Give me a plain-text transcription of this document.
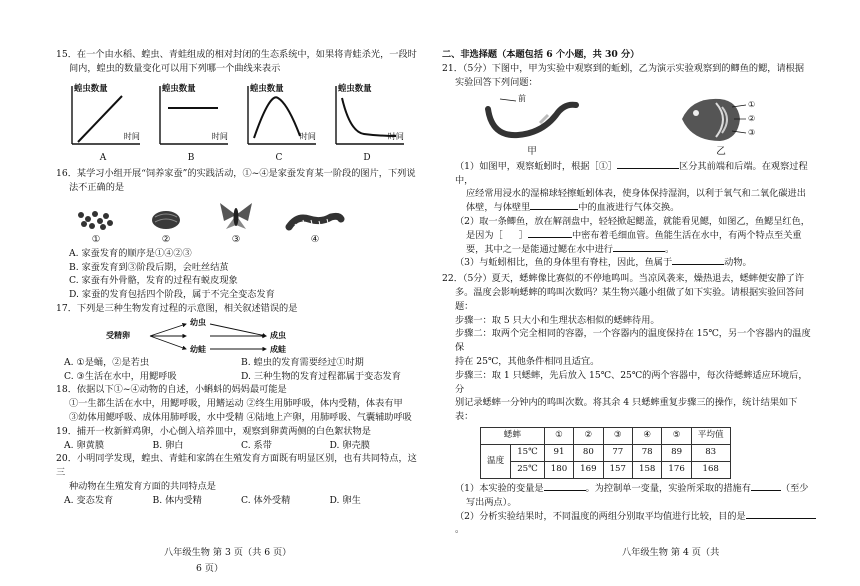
15．在一个由水稻、蝗虫、青蛙组成的相对封闭的生态系统中，如果将青蛙杀光，一段时

间内，蝗虫的数量变化可以用下列哪一个曲线来表示

蝗虫数量
时间
A
蝗虫数量
时间
B
蝗虫数量
时间
C
蝗虫数量
时间
D

16．某学习小组开展“饲养家蚕”的实践活动，①~④是家蚕发育某一阶段的图片，下列说

法不正确的是

①	②	③	④

A. 家蚕发育的顺序是①④②③

B. 家蚕发育到③阶段后期，会吐丝结茧

C. 家蚕有外骨骼，发育的过程有蜕皮现象

D. 家蚕的发育包括四个阶段，属于不完全变态发育

17．下列是三种生物发育过程的示意图，相关叙述错误的是

受精卵
幼虫
成虫
幼蛙	成蛙
A. ①是蛹，②是若虫	B. 蝗虫的发育需要经过①时期
C. ③生活在水中，用鳃呼吸	D. 三种生物的发育过程都属于变态发育

18．依据以下①~④动物的自述，小蝌蚪的妈妈最可能是

①一生都生活在水中，用鳃呼吸，用鳍运动 ②终生用肺呼吸，体内受精，体表有甲

③幼体用鳃呼吸、成体用肺呼吸，水中受精 ④陆地上产卵，用肺呼吸、气囊辅助呼吸

19．捕开一枚新鲜鸡卵，小心倒入培养皿中，观察到卵黄两侧的白色絮状物是

A. 卵黄膜	B. 卵白	C. 系带	D. 卵壳膜

20．小明同学发现，蝗虫、青蛙和家鸽在生殖发育方面既有明显区别，也有共同特点，这三

种动物在生殖发育方面的共同特点是

A. 变态发育	B. 体内受精	C. 体外受精	D. 卵生
八年级生物 第 3 页（共 6 页）
6 页）

二、非选择题（本题包括 6 个小题，共 30 分）

21．（5分）下图中，甲为实验中观察到的蚯蚓，乙为演示实验观察到的鲫鱼的鳃，请根据

实验回答下列问题：

前
甲
①
②
③
乙

（1）如图甲，观察蚯蚓时，根据［①］	区分其前端和后端。在观察过程中，

应经常用浸水的湿棉球轻擦蚯蚓体表，使身体保持湿润，以利于氧气和二氧化碳进出

体壁，与体壁里	中的血液进行气体交换。

（2）取一条鲫鱼，放在解剖盘中，轻轻掀起鳃盖，就能看见鳃，如图乙，鱼鳃呈红色，

是因为［ ］	中密布着毛细血管。鱼能生活在水中，有两个特点至关重

要，其中之一是能通过鳃在水中进行	。

（3）与蚯蚓相比，鱼的身体里有脊柱，因此，鱼属于	动物。

22．（5分）夏天，蟋蟀像比赛似的不停地鸣叫。当凉风袭来，燥热退去，蟋蟀便安静了许

多。温度会影响蟋蟀的鸣叫次数吗？某生物兴趣小组做了如下实验。请根据实验回答问

题：

步骤一：取 5 只大小和生理状态相似的蟋蟀待用。

步骤二：取两个完全相同的容器，一个容器内的温度保持在 15℃，另一个容器内的温度保

持在 25℃，其他条件相同且适宜。

步骤三：取 1 只蟋蟀，先后放入 15℃、25℃的两个容器中，每次待蟋蟀适应环境后，分

别记录蟋蟀一分钟内的鸣叫次数。将其余 4 只蟋蟀重复步骤三的操作，统计结果如下

表：

蟋蟀		①	②	③	④	⑤	平均值
温度	15℃	91	80	77	78	89	83
	25℃	180	169	157	158	176	168

（1）本实验的变量是	。为控制单一变量，实验所采取的措施有	（至少

写出两点）。

（2）分析实验结果时，不同温度的两组分别取平均值进行比较，目的是。

八年级生物 第 4 页（共
